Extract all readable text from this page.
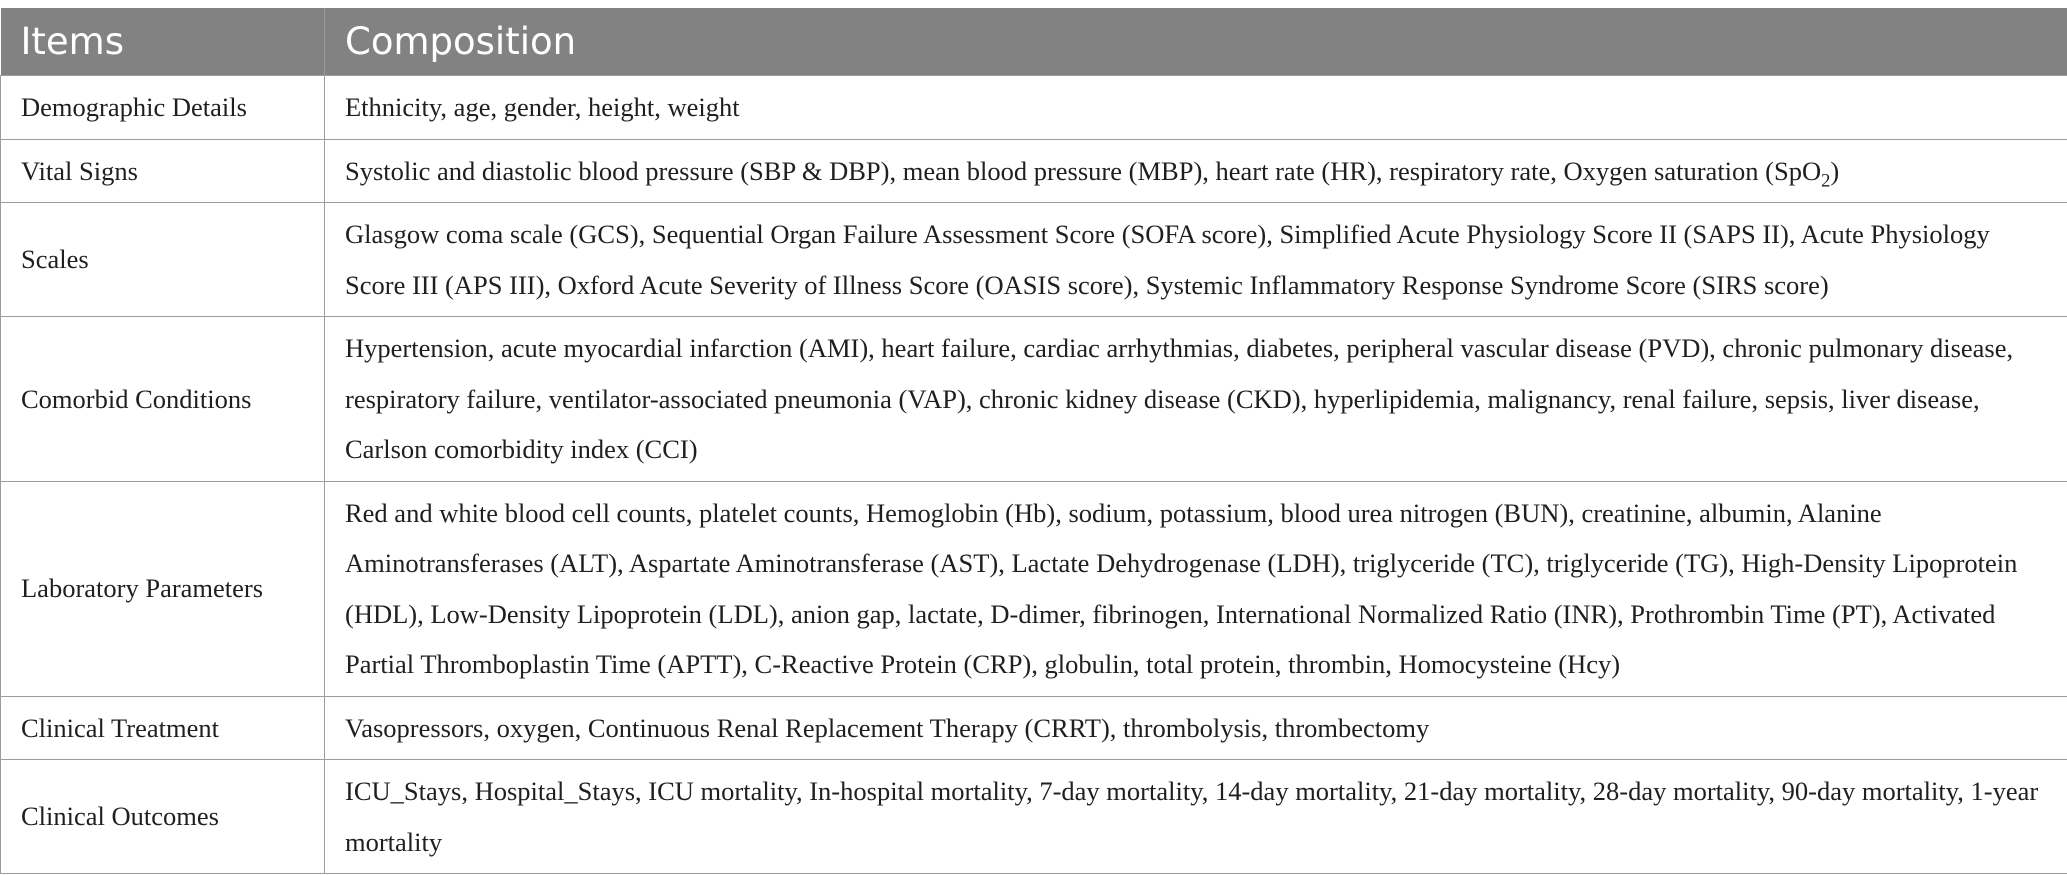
Items	Composition
Demographic Details	Ethnicity, age, gender, height, weight
Vital Signs	Systolic and diastolic blood pressure (SBP & DBP), mean blood pressure (MBP), heart rate (HR), respiratory rate, Oxygen saturation (SpO$_2$)
Scales	Glasgow coma scale (GCS), Sequential Organ Failure Assessment Score (SOFA score), Simplified Acute Physiology Score II (SAPS II), Acute Physiology Score III (APS III), Oxford Acute Severity of Illness Score (OASIS score), Systemic Inflammatory Response Syndrome Score (SIRS score)
Comorbid Conditions	Hypertension, acute myocardial infarction (AMI), heart failure, cardiac arrhythmias, diabetes, peripheral vascular disease (PVD), chronic pulmonary disease, respiratory failure, ventilator-associated pneumonia (VAP), chronic kidney disease (CKD), hyperlipidemia, malignancy, renal failure, sepsis, liver disease, Carlson comorbidity index (CCI)
Laboratory Parameters	Red and white blood cell counts, platelet counts, Hemoglobin (Hb), sodium, potassium, blood urea nitrogen (BUN), creatinine, albumin, Alanine Aminotransferases (ALT), Aspartate Aminotransferase (AST), Lactate Dehydrogenase (LDH), triglyceride (TC), triglyceride (TG), High-Density Lipoprotein (HDL), Low-Density Lipoprotein (LDL), anion gap, lactate, D-dimer, fibrinogen, International Normalized Ratio (INR), Prothrombin Time (PT), Activated Partial Thromboplastin Time (APTT), C-Reactive Protein (CRP), globulin, total protein, thrombin, Homocysteine (Hcy)
Clinical Treatment	Vasopressors, oxygen, Continuous Renal Replacement Therapy (CRRT), thrombolysis, thrombectomy
Clinical Outcomes	ICU_Stays, Hospital_Stays, ICU mortality, In-hospital mortality, 7-day mortality, 14-day mortality, 21-day mortality, 28-day mortality, 90-day mortality, 1-year mortality
